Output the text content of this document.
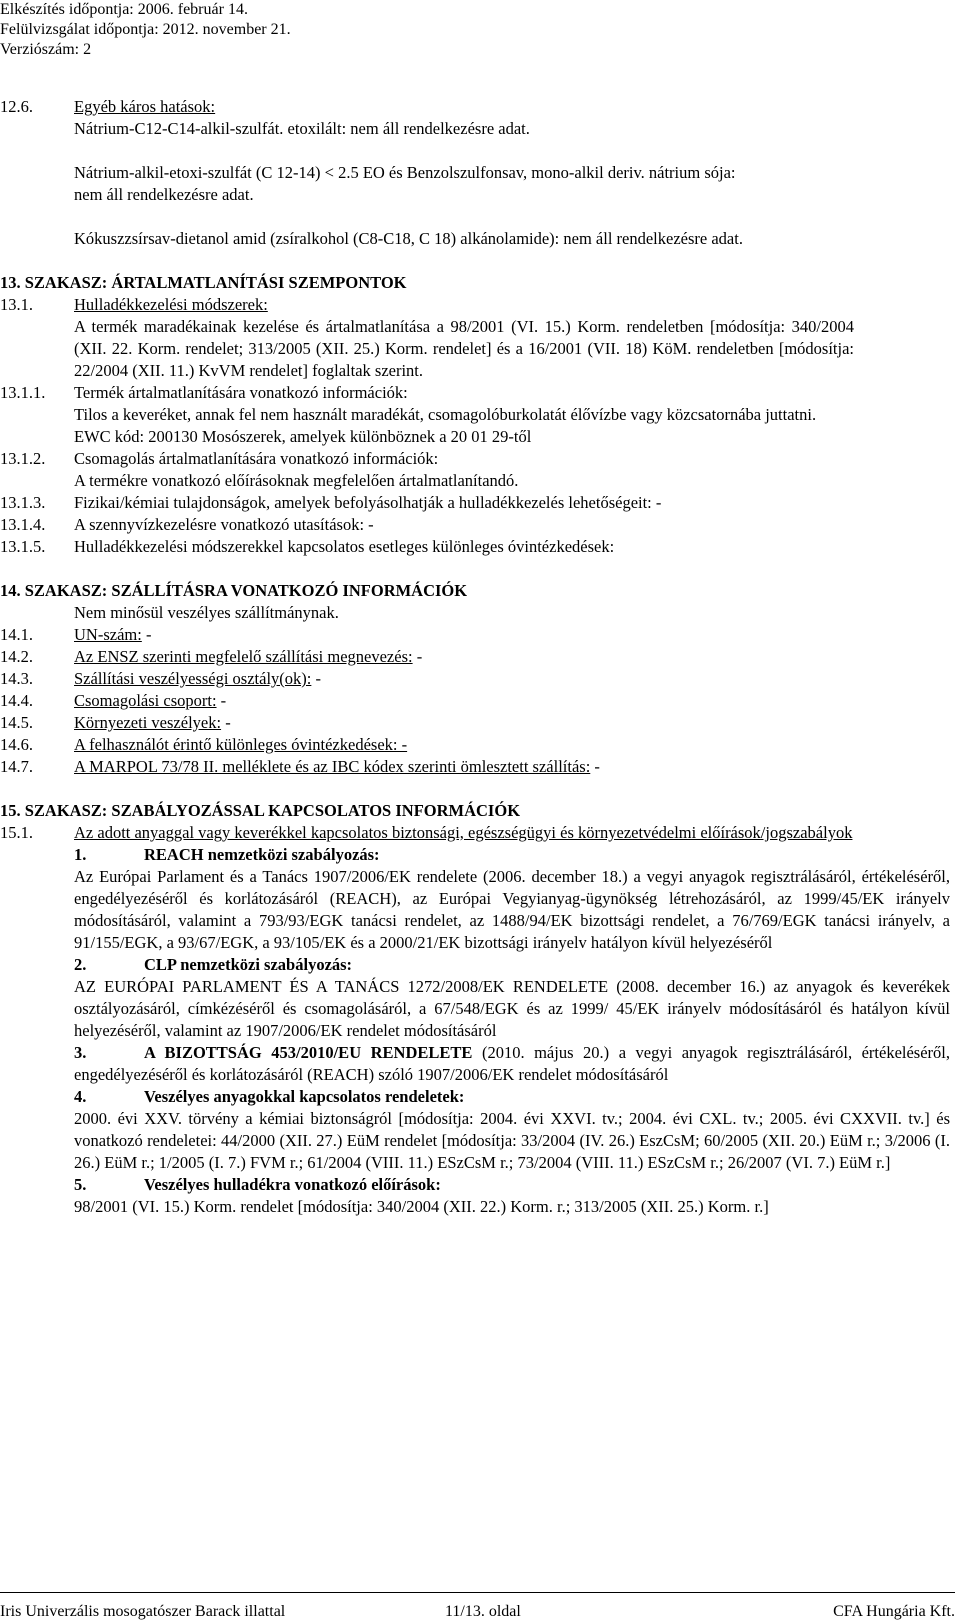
Elkészítés időpontja: 2006. február 14.
Felülvizsgálat időpontja: 2012. november 21.
Verziószám: 2
12.6.	Egyéb káros hatások:
Nátrium-C12-C14-alkil-szulfát. etoxilált: nem áll rendelkezésre adat.
Nátrium-alkil-etoxi-szulfát (C 12-14) < 2.5 EO és Benzolszulfonsav, mono-alkil deriv. nátrium sója:
nem áll rendelkezésre adat.
Kókuszzsírsav-dietanol amid (zsíralkohol (C8-C18, C 18) alkánolamide): nem áll rendelkezésre adat.
13. SZAKASZ: ÁRTALMATLANÍTÁSI SZEMPONTOK
13.1.	Hulladékkezelési módszerek:
A termék maradékainak kezelése és ártalmatlanítása a 98/2001 (VI. 15.) Korm. rendeletben [módosítja: 340/2004 (XII. 22. Korm. rendelet; 313/2005 (XII. 25.) Korm. rendelet] és a 16/2001 (VII. 18) KöM. rendeletben [módosítja: 22/2004 (XII. 11.) KvVM rendelet] foglaltak szerint.
13.1.1.	Termék ártalmatlanítására vonatkozó információk:
Tilos a keveréket, annak fel nem használt maradékát, csomagolóburkolatát élővízbe vagy közcsatornába juttatni.
EWC kód: 200130 Mosószerek, amelyek különböznek a 20 01 29-től
13.1.2.	Csomagolás ártalmatlanítására vonatkozó információk:
A termékre vonatkozó előírásoknak megfelelően ártalmatlanítandó.
13.1.3.	Fizikai/kémiai tulajdonságok, amelyek befolyásolhatják a hulladékkezelés lehetőségeit: -
13.1.4.	A szennyvízkezelésre vonatkozó utasítások: -
13.1.5.	Hulladékkezelési módszerekkel kapcsolatos esetleges különleges óvintézkedések:
14. SZAKASZ: SZÁLLÍTÁSRA VONATKOZÓ INFORMÁCIÓK
Nem minősül veszélyes szállítmánynak.
14.1.	UN-szám: -
14.2.	Az ENSZ szerinti megfelelő szállítási megnevezés: -
14.3.	Szállítási veszélyességi osztály(ok): -
14.4.	Csomagolási csoport: -
14.5.	Környezeti veszélyek: -
14.6.	A felhasználót érintő különleges óvintézkedések: -
14.7.	A MARPOL 73/78 II. melléklete és az IBC kódex szerinti ömlesztett szállítás: -
15. SZAKASZ: SZABÁLYOZÁSSAL KAPCSOLATOS INFORMÁCIÓK
15.1.	Az adott anyaggal vagy keverékkel kapcsolatos biztonsági, egészségügyi és környezetvédelmi előírások/jogszabályok
1.	REACH nemzetközi szabályozás:
Az Európai Parlament és a Tanács 1907/2006/EK rendelete (2006. december 18.) a vegyi anyagok regisztrálásáról, értékeléséről, engedélyezéséről és korlátozásáról (REACH), az Európai Vegyianyag-ügynökség létrehozásáról, az 1999/45/EK irányelv módosításáról, valamint a 793/93/EGK tanácsi rendelet, az 1488/94/EK bizottsági rendelet, a 76/769/EGK tanácsi irányelv, a 91/155/EGK, a 93/67/EGK, a 93/105/EK és a 2000/21/EK bizottsági irányelv hatályon kívül helyezéséről
2.	CLP nemzetközi szabályozás:
AZ EURÓPAI PARLAMENT ÉS A TANÁCS 1272/2008/EK RENDELETE (2008. december 16.) az anyagok és keverékek osztályozásáról, címkézéséről és csomagolásáról, a 67/548/EGK és az 1999/ 45/EK irányelv módosításáról és hatályon kívül helyezéséről, valamint az 1907/2006/EK rendelet módosításáról
3.	A BIZOTTSÁG 453/2010/EU RENDELETE (2010. május 20.) a vegyi anyagok regisztrálásáról, értékeléséről, engedélyezéséről és korlátozásáról (REACH) szóló 1907/2006/EK rendelet módosításáról
4.	Veszélyes anyagokkal kapcsolatos rendeletek:
2000. évi XXV. törvény a kémiai biztonságról [módosítja: 2004. évi XXVI. tv.; 2004. évi CXL. tv.; 2005. évi CXXVII. tv.] és vonatkozó rendeletei: 44/2000 (XII. 27.) EüM rendelet [módosítja: 33/2004 (IV. 26.) EszCsM; 60/2005 (XII. 20.) EüM r.; 3/2006 (I. 26.) EüM r.; 1/2005 (I. 7.) FVM r.; 61/2004 (VIII. 11.) ESzCsM r.; 73/2004 (VIII. 11.) ESzCsM r.; 26/2007 (VI. 7.) EüM r.]
5.	Veszélyes hulladékra vonatkozó előírások:
98/2001 (VI. 15.) Korm. rendelet [módosítja: 340/2004 (XII. 22.) Korm. r.; 313/2005 (XII. 25.) Korm. r.]
Iris Univerzális mosogatószer Barack illattal	11/13. oldal	CFA Hungária Kft.
